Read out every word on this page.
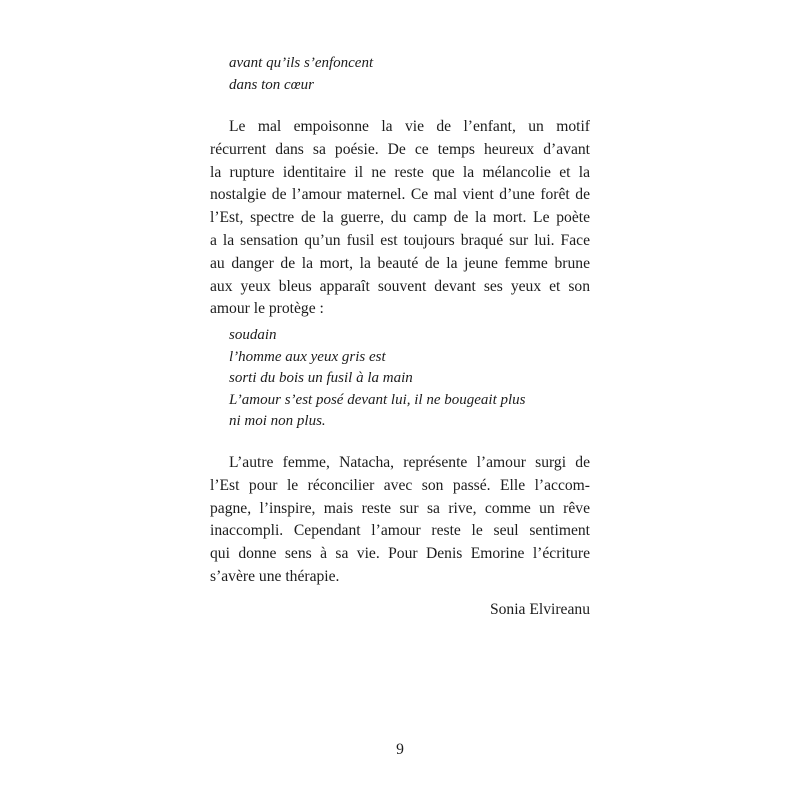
avant qu’ils s’enfoncent
dans ton cœur
Le mal empoisonne la vie de l’enfant, un motif
récurrent dans sa poésie. De ce temps heureux d’avant
la rupture identitaire il ne reste que la mélancolie et la
nostalgie de l’amour maternel. Ce mal vient d’une forêt de
l’Est, spectre de la guerre, du camp de la mort. Le poète
a la sensation qu’un fusil est toujours braqué sur lui. Face
au danger de la mort, la beauté de la jeune femme brune
aux yeux bleus apparaît souvent devant ses yeux et son
amour le protège :
soudain
l’homme aux yeux gris est
sorti du bois un fusil à la main
L’amour s’est posé devant lui, il ne bougeait plus
ni moi non plus.
L’autre femme, Natacha, représente l’amour surgi de
l’Est pour le réconcilier avec son passé. Elle l’accom-
pagne, l’inspire, mais reste sur sa rive, comme un rêve
inaccompli. Cependant l’amour reste le seul sentiment
qui donne sens à sa vie. Pour Denis Emorine l’écriture
s’avère une thérapie.
Sonia Elvireanu
9
